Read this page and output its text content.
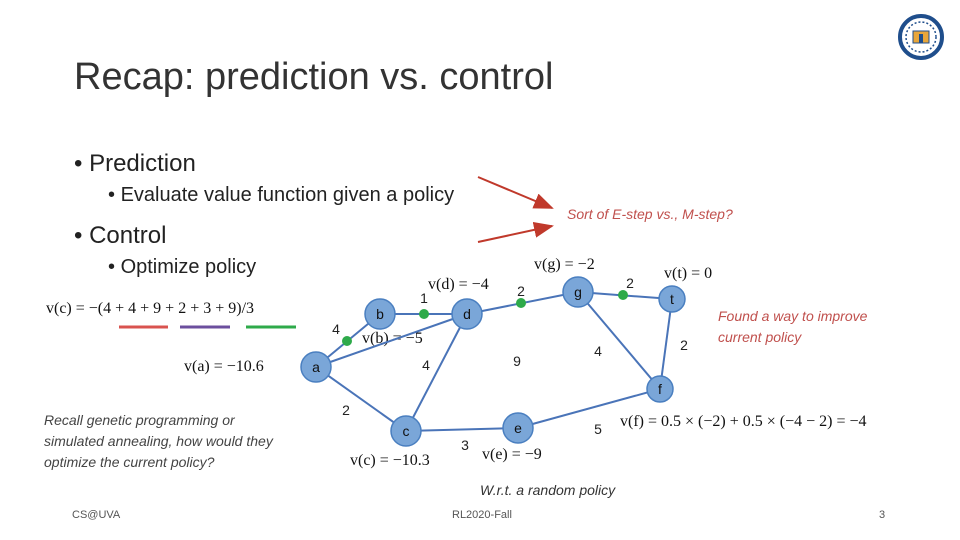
Recap: prediction vs. control
• Prediction
• Evaluate value function given a policy
• Control
• Optimize policy
Sort of E-step vs., M-step?
Found a way to improve current policy
Recall genetic programming or simulated annealing, how would they optimize the current policy?
W.r.t. a random policy
v(c) = −(4 + 4 + 9 + 2 + 3 + 9)/3
v(d) = −4
v(g) = −2
v(t) = 0
v(b) = −5
v(a) = −10.6
v(f) = 0.5 × (−2) + 0.5 × (−4 − 2) = −4
v(c) = −10.3	v(e) = −9
a
b
c
d
e
f
g	t
4
1	2	2
2
4
3
9
4	2
5
CS@UVA	RL2020-Fall	3
